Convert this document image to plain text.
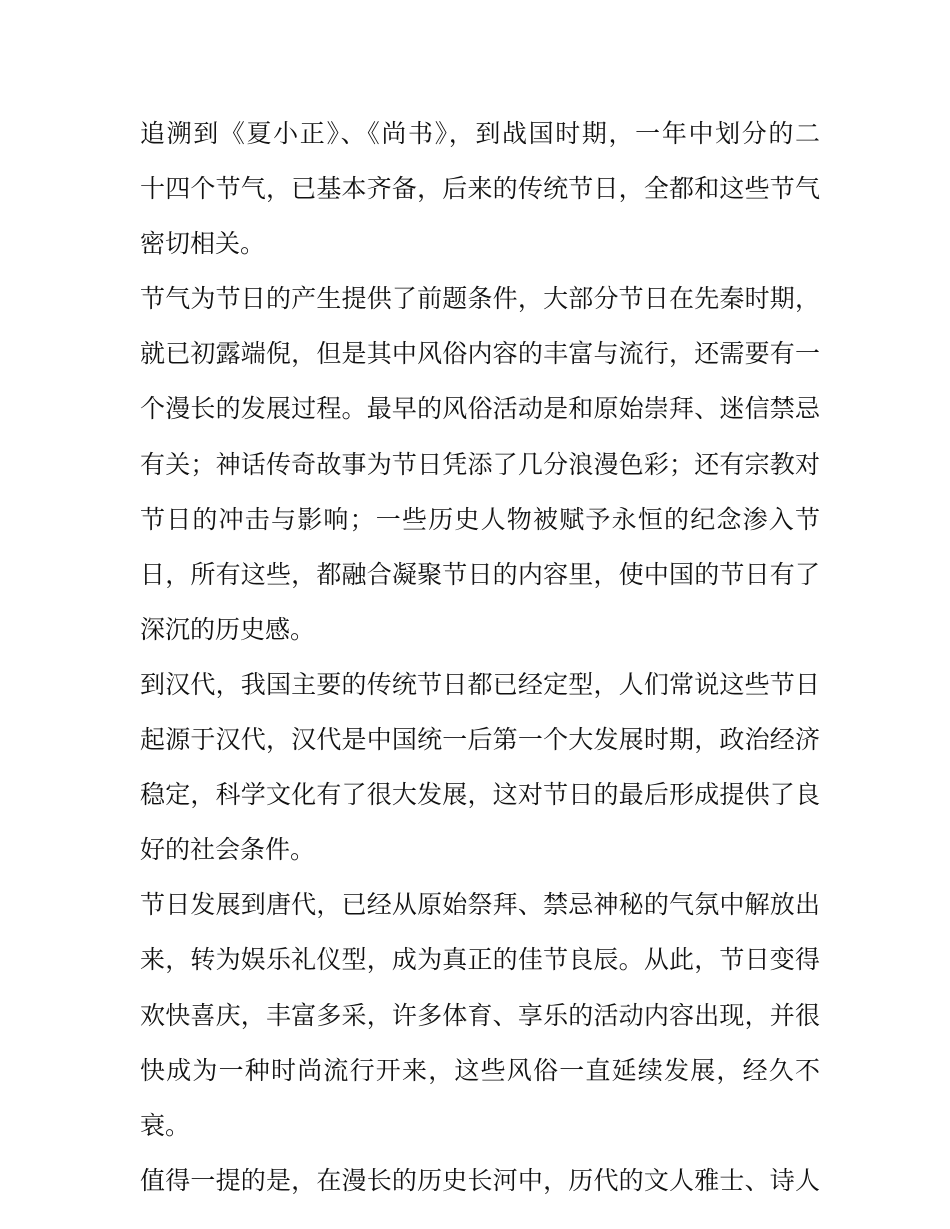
追溯到《夏小正》、《尚书》，到战国时期，一年中划分的二
十四个节气，已基本齐备，后来的传统节日，全都和这些节气
密切相关。
节气为节日的产生提供了前题条件，大部分节日在先秦时期，
就已初露端倪，但是其中风俗内容的丰富与流行，还需要有一
个漫长的发展过程。最早的风俗活动是和原始崇拜、迷信禁忌
有关；神话传奇故事为节日凭添了几分浪漫色彩；还有宗教对
节日的冲击与影响；一些历史人物被赋予永恒的纪念渗入节
日，所有这些，都融合凝聚节日的内容里，使中国的节日有了
深沉的历史感。
到汉代，我国主要的传统节日都已经定型，人们常说这些节日
起源于汉代，汉代是中国统一后第一个大发展时期，政治经济
稳定，科学文化有了很大发展，这对节日的最后形成提供了良
好的社会条件。
节日发展到唐代，已经从原始祭拜、禁忌神秘的气氛中解放出
来，转为娱乐礼仪型，成为真正的佳节良辰。从此，节日变得
欢快喜庆，丰富多采，许多体育、享乐的活动内容出现，并很
快成为一种时尚流行开来，这些风俗一直延续发展，经久不
衰。
值得一提的是，在漫长的历史长河中，历代的文人雅士、诗人
